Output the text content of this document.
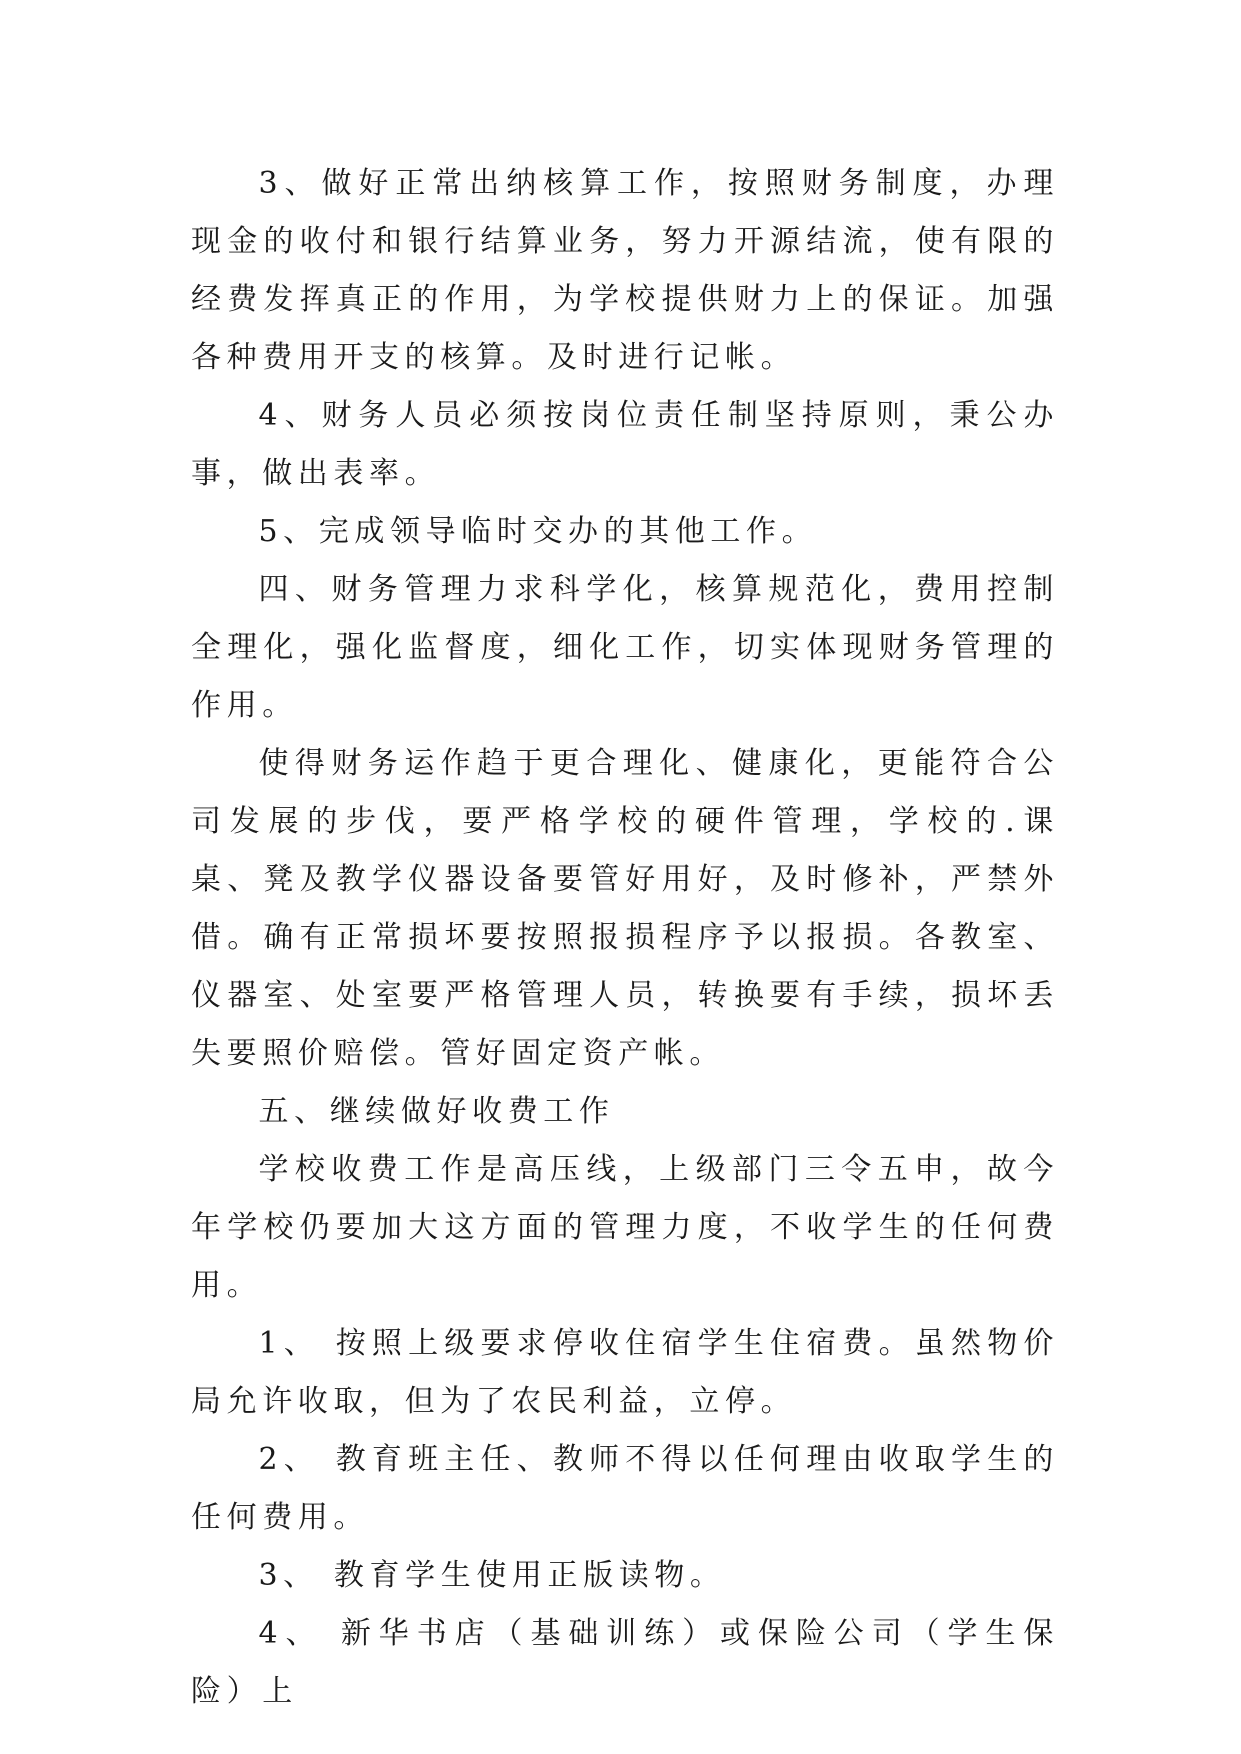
3、做好正常出纳核算工作，按照财务制度，办理现金的收付和银行结算业务，努力开源结流，使有限的经费发挥真正的作用，为学校提供财力上的保证。加强各种费用开支的核算。及时进行记帐。

4、财务人员必须按岗位责任制坚持原则，秉公办事，做出表率。

5、完成领导临时交办的其他工作。

四、财务管理力求科学化，核算规范化，费用控制全理化，强化监督度，细化工作，切实体现财务管理的作用。

使得财务运作趋于更合理化、健康化，更能符合公司发展的步伐，要严格学校的硬件管理，学校的.课桌、凳及教学仪器设备要管好用好，及时修补，严禁外借。确有正常损坏要按照报损程序予以报损。各教室、仪器室、处室要严格管理人员，转换要有手续，损坏丢失要照价赔偿。管好固定资产帐。

五、继续做好收费工作

学校收费工作是高压线，上级部门三令五申，故今年学校仍要加大这方面的管理力度，不收学生的任何费用。

1、 按照上级要求停收住宿学生住宿费。虽然物价局允许收取，但为了农民利益，立停。

2、 教育班主任、教师不得以任何理由收取学生的任何费用。

3、 教育学生使用正版读物。

4、 新华书店（基础训练）或保险公司（学生保险）上
